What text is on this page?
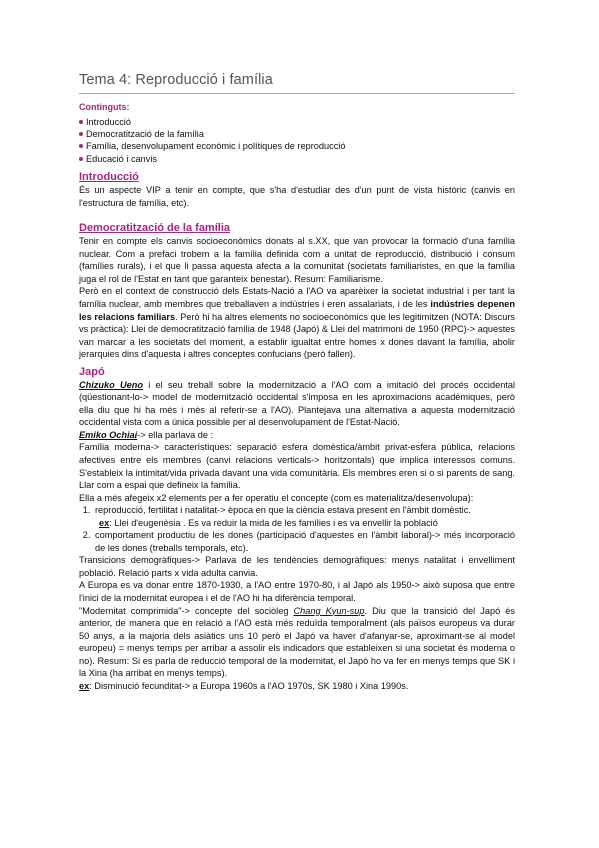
Tema 4: Reproducció i família
Continguts:
Introducció
Democratització de la família
Família, desenvolupament econòmic i polítiques de reproducció
Educació i canvis
Introducció

És un aspecte VIP a tenir en compte, que s'ha d'estudiar des d'un punt de vista històric (canvis en l'estructura de família, etc).

Democratització de la família

Tenir en compte els canvis socioeconòmics donats al s.XX, que van provocar la formació d'una família nuclear. Com a prefaci trobem a la família definida com a unitat de reproducció, distribució i consum (famílies rurals), i el que li passa aquesta afecta a la comunitat (societats familiaristes, en que la família juga el rol de l'Estat en tant que garanteix benestar). Resum: Familiarisme.

Però en el context de construcció dels Estats-Nació a l'AO va aparèixer la societat industrial i per tant la família nuclear, amb membres que treballaven a indústries i eren assalariats, i de les indústries depenen les relacions familiars. Però hi ha altres elements no socioeconòmics que les legitimitzen (NOTA: Discurs vs pràctica): Llei de democratització família de 1948 (Japó) & Llei del matrimoni de 1950 (RPC)-> aquestes van marcar a les societats del moment, a establir igualtat entre homes x dones davant la família, abolir jerarquies dins d'aquesta i altres conceptes confucians (però fallen).

Japó

Chizuko Ueno i el seu treball sobre la modernització a l'AO com a imitació del procés occidental (qüestionant-lo-> model de modernització occidental s'imposa en les aproximacions acadèmiques, però ella diu que hi ha més i més al referir-se a l'AO). Plantejava una alternativa a aquesta modernització occidental vista com a única possible per al desenvolupament de l'Estat-Nació.

Emiko Ochiai-> ella parlava de :

Família moderna-> característiques: separació esfera domèstica/àmbit privat-esfera pública, relacions afectives entre els membres (canvi relacions verticals-> horitzontals) que implica interessos comuns. S'estableix la intimitat/vida privada davant una vida comunitària. Els membres eren si o si parents de sang. Llar com a espai que defineix la família.

Ella a més afegeix x2 elements per a fer operatiu el concepte (com es materialitza/desenvolupa):

1. reproducció, fertilitat i natalitat-> època en que la ciència estava present en l'àmbit domèstic.
ex: Llei d'eugenèsia . Es va reduir la mida de les famílies i es va envellir la població
2. comportament productiu de les dones (participació d'aquestes en l'àmbit laboral)-> més incorporació de les dones (treballs temporals, etc).

Transicions demogràfiques-> Parlava de les tendències demogràfiques: menys natalitat i envelliment població. Relació parts x vida adulta canvia.

A Europa es va donar entre 1870-1930, a l'AO entre 1970-80, i al Japó als 1950-> això suposa que entre l'inici de la modernitat europea i el de l'AO hi ha diferència temporal.

"Modernitat comprimida"-> concepte del sociòleg Chang Kyun-sup. Diu que la transició del Japó és anterior, de manera que en relació a l'AO està més reduïda temporalment (als països europeus va durar 50 anys, a la majoria dels asiàtics uns 10 però el Japó va haver d'afanyar-se, aproximant-se al model europeu) = menys temps per arribar a assolir els indicadors que estableixen si una societat és moderna o no). Resum: Si es parla de reducció temporal de la modernitat, el Japó ho va fer en menys temps que SK i la Xina (ha arribat en menys temps).

ex: Disminució fecunditat-> a Europa 1960s a l'AO 1970s, SK 1980 i Xina 1990s.
